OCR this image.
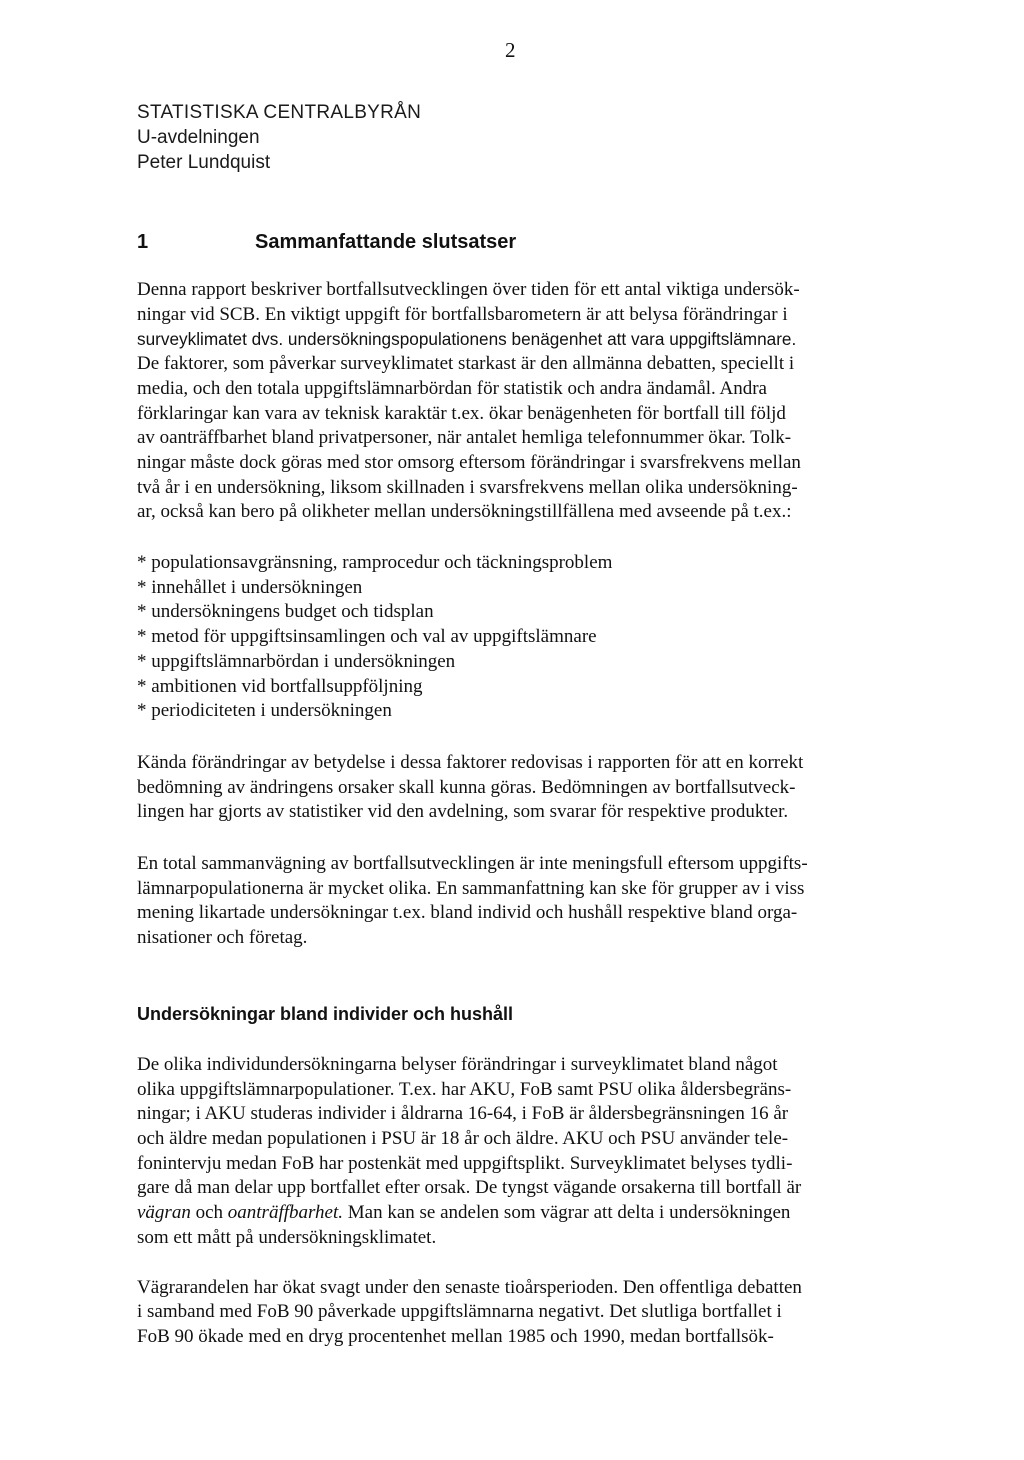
2
STATISTISKA CENTRALBYRÅN
U-avdelningen
Peter Lundquist
1	Sammanfattande slutsatser

Denna rapport beskriver bortfallsutvecklingen över tiden för ett antal viktiga undersök-
ningar vid SCB. En viktigt uppgift för bortfallsbarometern är att belysa förändringar i
surveyklimatet dvs. undersökningspopulationens benägenhet att vara uppgiftslämnare.
De faktorer, som påverkar surveyklimatet starkast är den allmänna debatten, speciellt i
media, och den totala uppgiftslämnarbördan för statistik och andra ändamål. Andra
förklaringar kan vara av teknisk karaktär t.ex. ökar benägenheten för bortfall till följd
av oanträffbarhet bland privatpersoner, när antalet hemliga telefonnummer ökar. Tolk-
ningar måste dock göras med stor omsorg eftersom förändringar i svarsfrekvens mellan
två år i en undersökning, liksom skillnaden i svarsfrekvens mellan olika undersökning-
ar, också kan bero på olikheter mellan undersökningstillfällena med avseende på t.ex.:

* populationsavgränsning, ramprocedur och täckningsproblem
* innehållet i undersökningen
* undersökningens budget och tidsplan
* metod för uppgiftsinsamlingen och val av uppgiftslämnare
* uppgiftslämnarbördan i undersökningen
* ambitionen vid bortfallsuppföljning
* periodiciteten i undersökningen

Kända förändringar av betydelse i dessa faktorer redovisas i rapporten för att en korrekt
bedömning av ändringens orsaker skall kunna göras. Bedömningen av bortfallsutveck-
lingen har gjorts av statistiker vid den avdelning, som svarar för respektive produkter.

En total sammanvägning av bortfallsutvecklingen är inte meningsfull eftersom uppgifts-
lämnarpopulationerna är mycket olika. En sammanfattning kan ske för grupper av i viss
mening likartade undersökningar t.ex. bland individ och hushåll respektive bland orga-
nisationer och företag.

Undersökningar bland individer och hushåll

De olika individundersökningarna belyser förändringar i surveyklimatet bland något
olika uppgiftslämnarpopulationer. T.ex. har AKU, FoB samt PSU olika åldersbegräns-
ningar; i AKU studeras individer i åldrarna 16-64, i FoB är åldersbegränsningen 16 år
och äldre medan populationen i PSU är 18 år och äldre. AKU och PSU använder tele-
fonintervju medan FoB har postenkät med uppgiftsplikt. Surveyklimatet belyses tydli-
gare då man delar upp bortfallet efter orsak. De tyngst vägande orsakerna till bortfall är
vägran och oanträffbarhet. Man kan se andelen som vägrar att delta i undersökningen
som ett mått på undersökningsklimatet.

Vägrarandelen har ökat svagt under den senaste tioårsperioden. Den offentliga debatten
i samband med FoB 90 påverkade uppgiftslämnarna negativt. Det slutliga bortfallet i
FoB 90 ökade med en dryg procentenhet mellan 1985 och 1990, medan bortfallsök-
